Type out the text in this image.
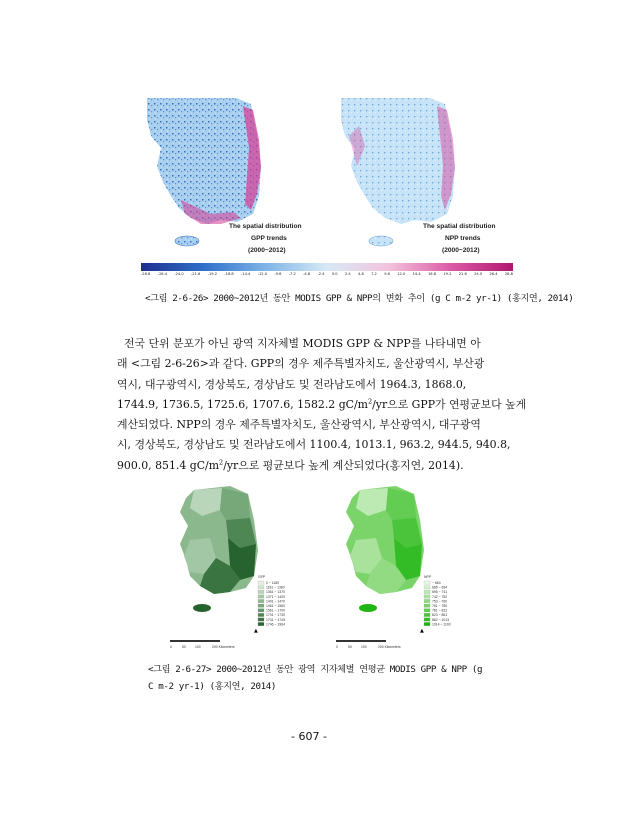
The spatial distribution
GPP trends
(2000~2012)
The spatial distribution
NPP trends
(2000~2012)
-28.8 -26.4 -24.0 -21.6 -19.2 -16.8 -14.4 -12.0 -9.6 -7.2 -4.8 -2.4 0.0 2.4 4.8 7.2 9.6 12.0 14.4 16.8 19.2 21.6 24.0 26.4 28.8
<그림 2-6-26> 2000~2012년 동안 MODIS GPP & NPP의 변화 추이 (g C m-2 yr-1) (홍지연, 2014)

전국 단위 분포가 아닌 광역 지자체별 MODIS GPP & NPP를 나타내면 아

래 <그림 2-6-26>과 같다. GPP의 경우 제주특별자치도, 울산광역시, 부산광

역시, 대구광역시, 경상북도, 경상남도 및 전라남도에서 1964.3, 1868.0,

1744.9, 1736.5, 1725.6, 1707.6, 1582.2 $gC/m^2/yr$으로 GPP가 연평균보다 높게

계산되었다. NPP의 경우 제주특별자치도, 울산광역시, 부산광역시, 대구광역

시, 경상북도, 경상남도 및 전라남도에서 1100.4, 1013.1, 963.2, 944.5, 940.8,

900.0, 851.4 $gC/m^2/yr$으로 평균보다 높게 계산되었다(홍지연, 2014).

GPP
0 ~ 1180
1181 ~ 1360
1361 ~ 1370
1371 ~ 1400
1401 ~ 1470
1461 ~ 1560
1561 ~ 1700
1701 ~ 1730
1731 ~ 1745
1746 ~ 1964
0	50	100	200 Kilometers
▲
NPP
~ 684
685 ~ 694
695 ~ 741
742 ~ 752
753 ~ 760
761 ~ 780
781 ~ 822
823 ~ 861
862 ~ 1013
1014 ~ 1100
0	50	100	200 Kilometers
▲
<그림 2-6-27> 2000~2012년 동안 광역 지자체별 연평균 MODIS GPP & NPP (g
C m-2 yr-1) (홍지연, 2014)
- 607 -
